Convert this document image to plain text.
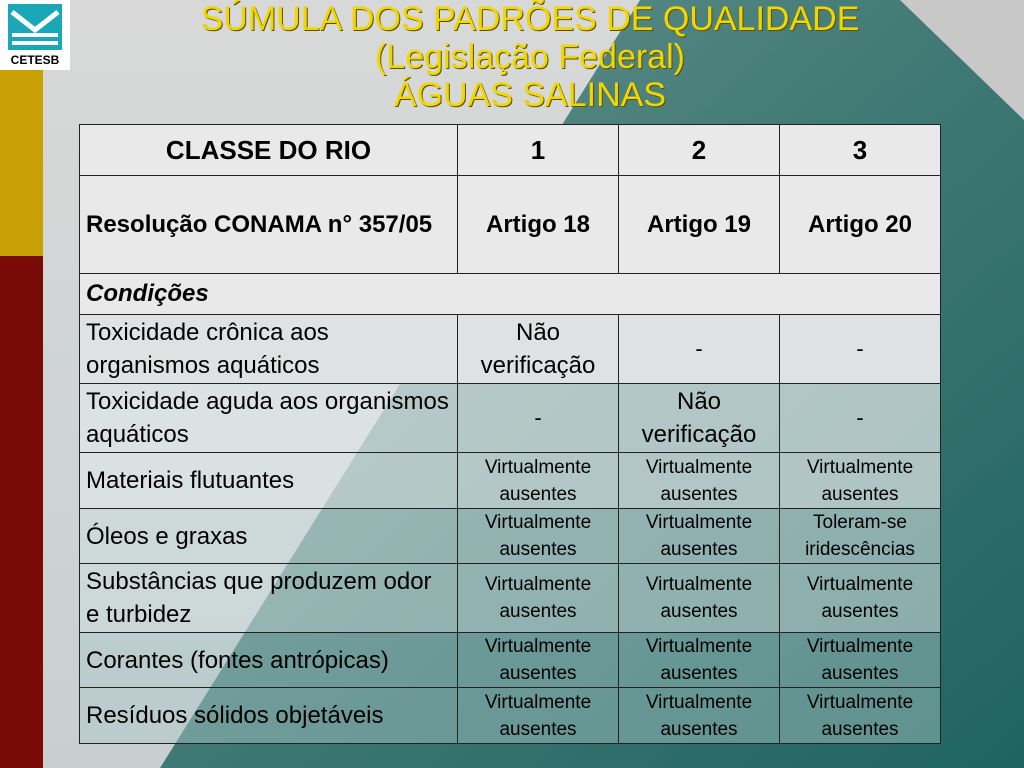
CETESB
SÚMULA DOS PADRÕES DE QUALIDADE
(Legislação Federal)
ÁGUAS SALINAS
CLASSE DO RIO	1	2	3
Resolução CONAMA n° 357/05	Artigo 18	Artigo 19	Artigo 20
Condições			
Toxicidade crônica aos organismos aquáticos	Não verificação	-	-
Toxicidade aguda aos organismos aquáticos	-	Não verificação	-
Materiais flutuantes	Virtualmente ausentes	Virtualmente ausentes	Virtualmente ausentes
Óleos e graxas	Virtualmente ausentes	Virtualmente ausentes	Toleram-se iridescências
Substâncias que produzem odor e turbidez	Virtualmente ausentes	Virtualmente ausentes	Virtualmente ausentes
Corantes (fontes antrópicas)	Virtualmente ausentes	Virtualmente ausentes	Virtualmente ausentes
Resíduos sólidos objetáveis	Virtualmente ausentes	Virtualmente ausentes	Virtualmente ausentes
